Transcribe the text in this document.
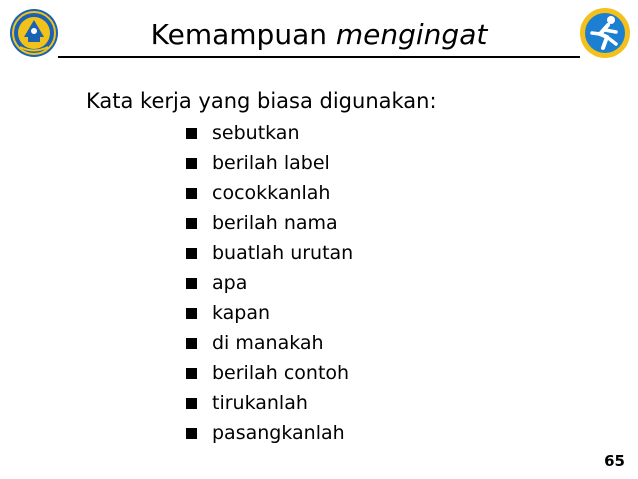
Kemampuan mengingat
Kata kerja yang biasa digunakan:
sebutkan
berilah label
cocokkanlah
berilah nama
buatlah urutan
apa
kapan
di manakah
berilah contoh
tirukanlah
pasangkanlah
65
